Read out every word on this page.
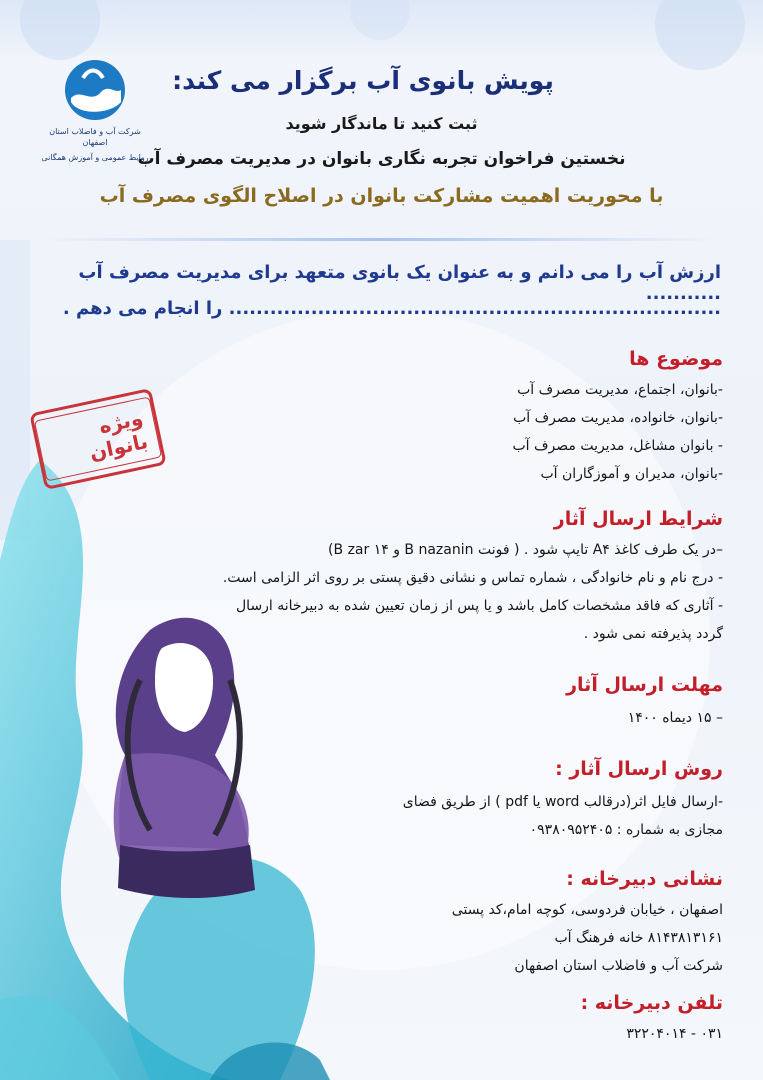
شرکت آب و فاضلاب استان اصفهان
روابط عمومی و آموزش همگانی
پویش بانوی آب برگزار می کند:
ثبت کنید تا ماندگار شوید
نخستین فراخوان تجربه نگاری بانوان در مدیریت مصرف آب
با محوریت اهمیت مشارکت بانوان در اصلاح الگوی مصرف آب
ارزش آب را می دانم و به عنوان یک بانوی متعهد برای مدیریت مصرف آب ...........
........................................................................ را انجام می دهم .
ویژه بانوان
موضوع ها
-بانوان، اجتماع، مدیریت مصرف آب
-بانوان، خانواده، مدیریت مصرف آب
- بانوان مشاغل، مدیریت مصرف آب
-بانوان، مدیران و آموزگاران آب
شرایط ارسال آثار
–در یک طرف کاغذ A۴ تایپ شود . ( فونت B nazanin و B zar ۱۴)
- درج نام و نام خانوادگی ، شماره تماس و نشانی دقیق پستی بر روی اثر الزامی است.
- آثاری که فاقد مشخصات کامل باشد و یا پس از زمان تعیین شده به دبیرخانه ارسال
گردد پذیرفته نمی شود .
مهلت ارسال آثار
– ۱۵ دیماه ۱۴۰۰
روش ارسال آثار :
-ارسال فایل اثر(درقالب word یا pdf ) از طریق فضای
مجازی به شماره : ۰۹۳۸۰۹۵۲۴۰۵
نشانی دبیرخانه :
اصفهان ، خیابان فردوسی، کوچه امام،کد پستی
۸۱۴۳۸۱۳۱۶۱ خانه فرهنگ آب
شرکت آب و فاضلاب استان اصفهان
تلفن دبیرخانه :
۰۳۱ - ۳۲۲۰۴۰۱۴
